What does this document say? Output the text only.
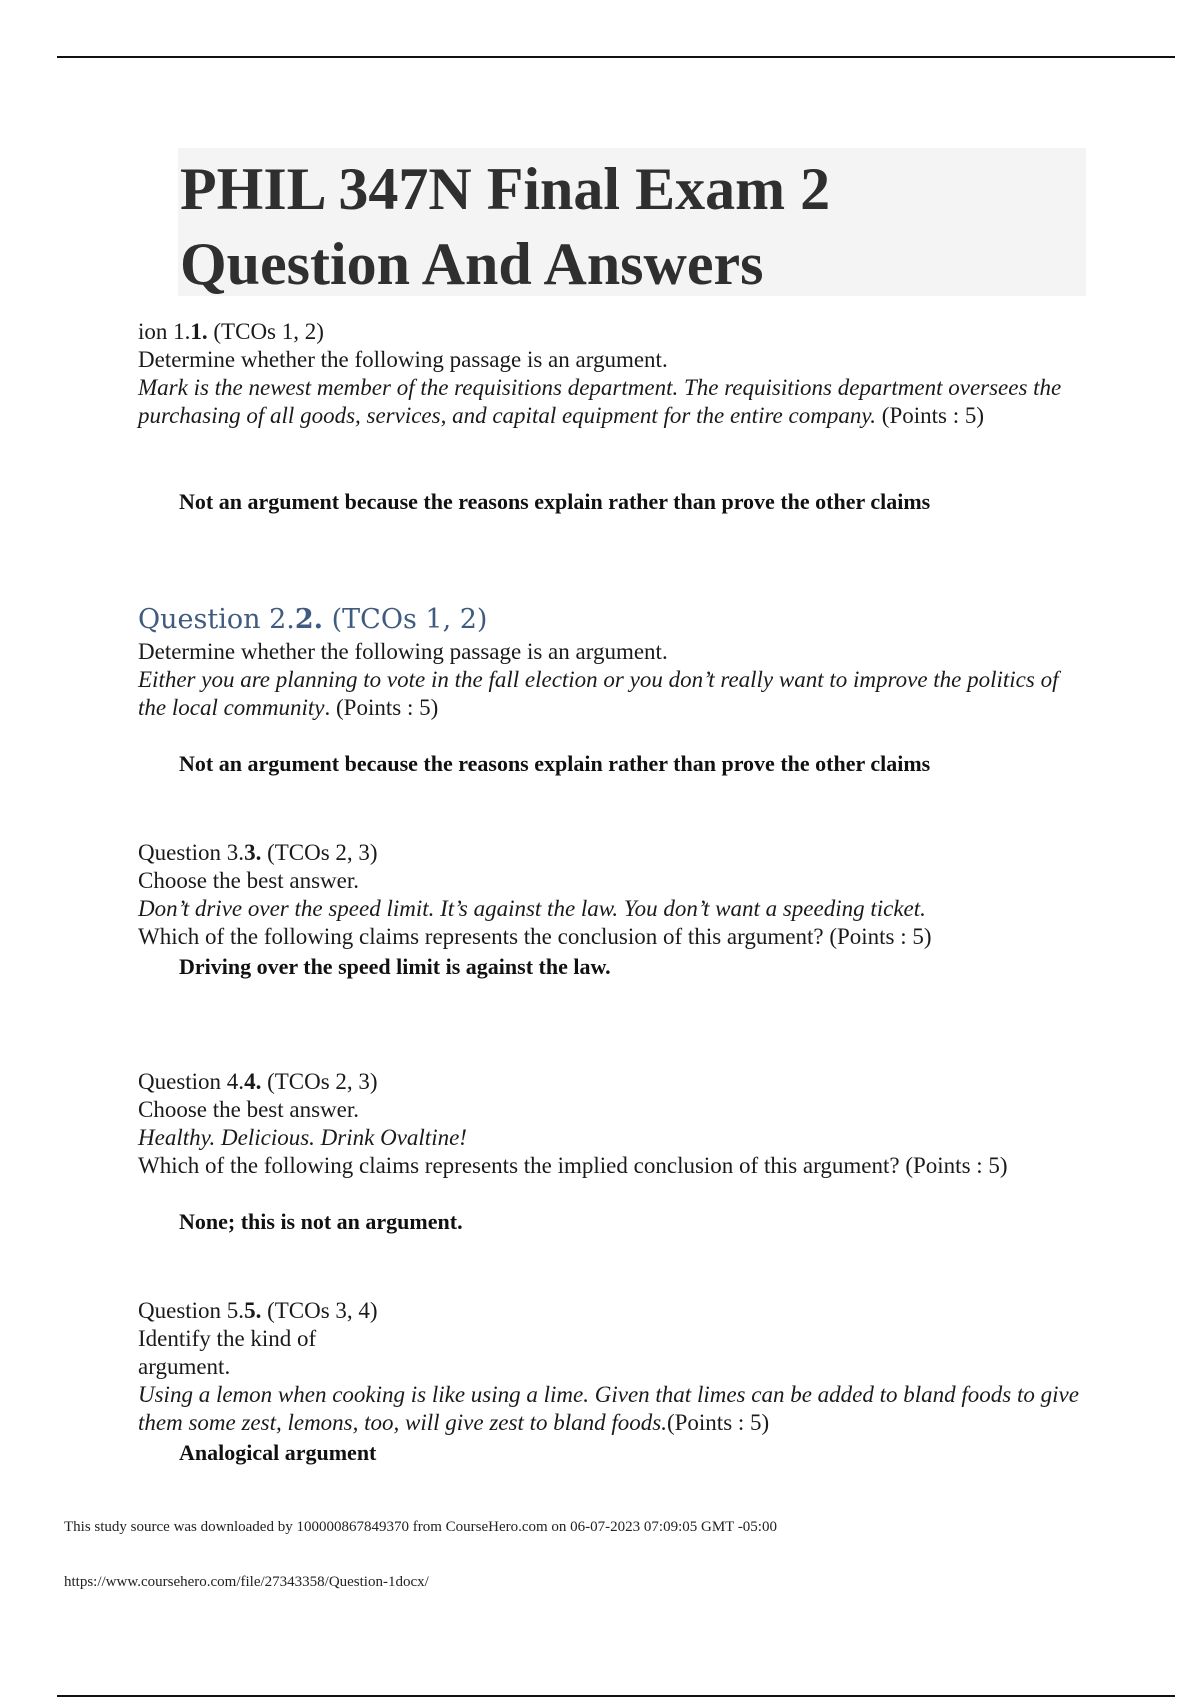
PHIL 347N Final Exam 2
Question And Answers

ion 1.1. (TCOs 1, 2)

Determine whether the following passage is an argument.

Mark is the newest member of the requisitions department. The requisitions department oversees the purchasing of all goods, services, and capital equipment for the entire company. (Points : 5)

Not an argument because the reasons explain rather than prove the other claims

Question 2.2. (TCOs 1, 2)

Determine whether the following passage is an argument.

Either you are planning to vote in the fall election or you don’t really want to improve the politics of the local community. (Points : 5)

Not an argument because the reasons explain rather than prove the other claims

Question 3.3. (TCOs 2, 3)

Choose the best answer.

Don’t drive over the speed limit. It’s against the law. You don’t want a speeding ticket.

Which of the following claims represents the conclusion of this argument? (Points : 5)

Driving over the speed limit is against the law.

Question 4.4. (TCOs 2, 3)

Choose the best answer.

Healthy. Delicious. Drink Ovaltine!

Which of the following claims represents the implied conclusion of this argument? (Points : 5)

None; this is not an argument.

Question 5.5. (TCOs 3, 4)

Identify the kind of

argument.

Using a lemon when cooking is like using a lime. Given that limes can be added to bland foods to give them some zest, lemons, too, will give zest to bland foods.(Points : 5)

Analogical argument
This study source was downloaded by 100000867849370 from CourseHero.com on 06-07-2023 07:09:05 GMT -05:00
https://www.coursehero.com/file/27343358/Question-1docx/
